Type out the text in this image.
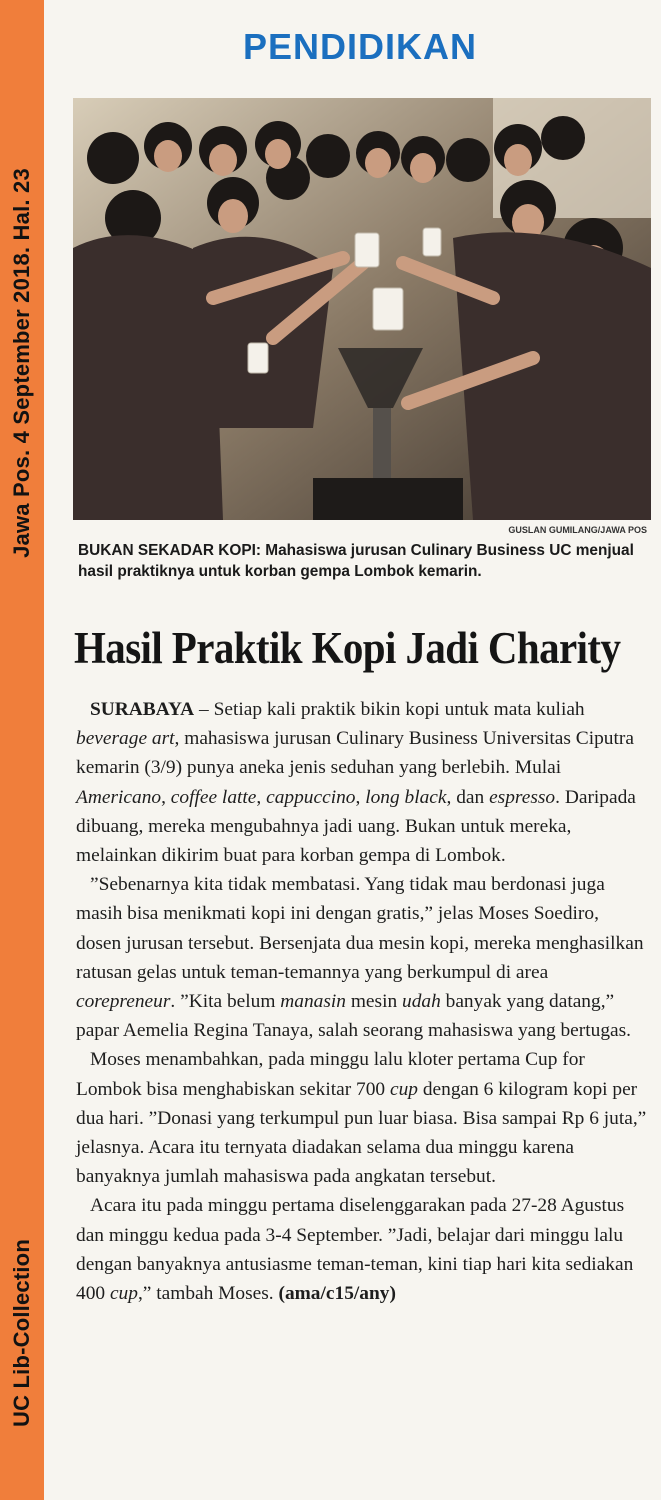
Jawa Pos. 4 September 2018. Hal. 23
UC Lib-Collection
PENDIDIKAN
GUSLAN GUMILANG/JAWA POS
BUKAN SEKADAR KOPI: Mahasiswa jurusan Culinary Business UC menjual hasil praktiknya untuk korban gempa Lombok kemarin.
Hasil Praktik Kopi Jadi Charity

SURABAYA – Setiap kali praktik bikin kopi untuk mata kuliah beverage art, mahasiswa jurusan Culinary Business Universitas Ciputra kemarin (3/9) punya aneka jenis seduhan yang berlebih. Mulai Americano, coffee latte, cappuccino, long black, dan espresso. Daripada dibuang, mereka mengubahnya jadi uang. Bukan untuk mereka, melainkan dikirim buat para korban gempa di Lombok.

”Sebenarnya kita tidak membatasi. Yang tidak mau berdonasi juga masih bisa menikmati kopi ini dengan gratis,” jelas Moses Soediro, dosen jurusan tersebut. Bersenjata dua mesin kopi, mereka menghasilkan ratusan gelas untuk teman-temannya yang berkumpul di area corepreneur. ”Kita belum manasin mesin udah banyak yang datang,” papar Aemelia Regina Tanaya, salah seorang mahasiswa yang bertugas.

Moses menambahkan, pada minggu lalu kloter pertama Cup for Lombok bisa menghabiskan sekitar 700 cup dengan 6 kilogram kopi per dua hari. ”Donasi yang terkumpul pun luar biasa. Bisa sampai Rp 6 juta,” jelasnya. Acara itu ternyata diadakan selama dua minggu karena banyaknya jumlah mahasiswa pada angkatan tersebut.

Acara itu pada minggu pertama diselenggarakan pada 27-28 Agustus dan minggu kedua pada 3-4 September. ”Jadi, belajar dari minggu lalu dengan banyaknya antusiasme teman-teman, kini tiap hari kita sediakan 400 cup,” tambah Moses. (ama/c15/any)
